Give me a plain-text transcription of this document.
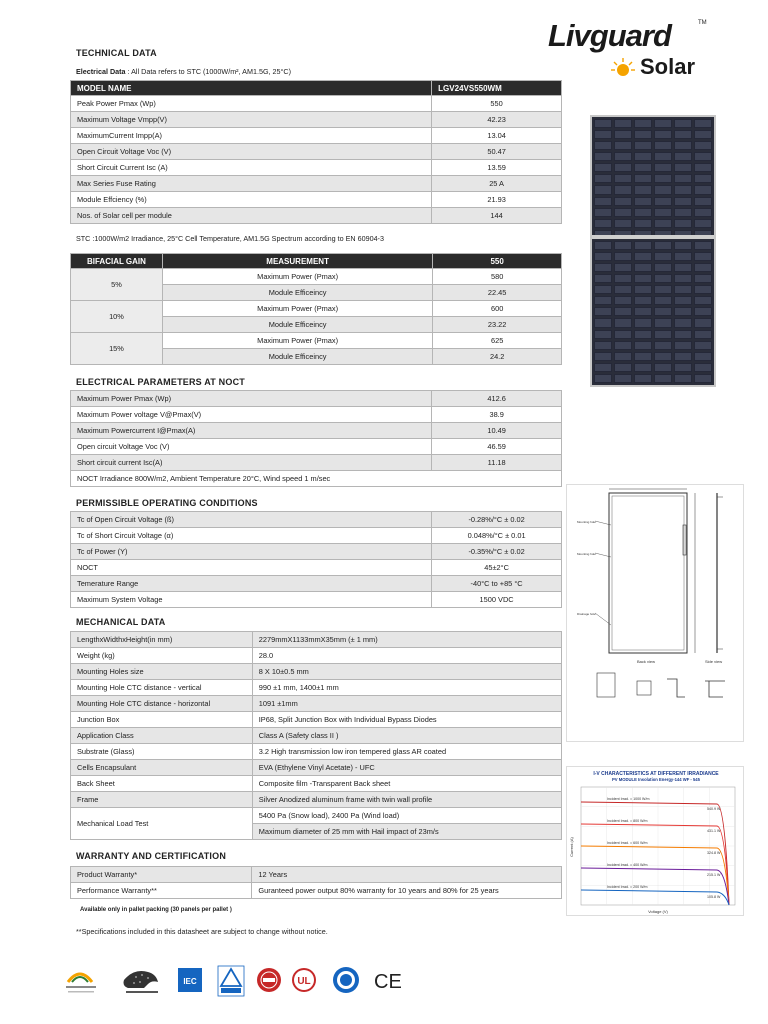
TECHNICAL DATA
Electrical Data : All Data refers to STC (1000W/m², AM1.5G, 25°C)
Livguard	TM
Solar
MODEL NAME	LGV24VS550WM
Peak Power Pmax (Wp)	550
Maximum Voltage Vmpp(V)	42.23
MaximumCurrent Impp(A)	13.04
Open Circuit Voltage Voc (V)	50.47
Short Circuit Current Isc (A)	13.59
Max Series Fuse Rating	25 A
Module Effciency (%)	21.93
Nos. of Solar cell per module	144
STC :1000W/m2 Irradiance, 25°C Cell Temperature, AM1.5G Spectrum according to EN 60904-3
BIFACIAL GAIN	MEASUREMENT	550
5%	Maximum Power (Pmax)	580
	Module Efficeincy	22.45
10%	Maximum Power (Pmax)	600
	Module Efficeincy	23.22
15%	Maximum Power (Pmax)	625
	Module Efficeincy	24.2
ELECTRICAL PARAMETERS AT NOCT
Maximum Power Pmax (Wp)	412.6
Maximum Power voltage V@Pmax(V)	38.9
Maximum Powercurrent I@Pmax(A)	10.49
Open circuit Voltage Voc (V)	46.59
Short circuit current Isc(A)	11.18
NOCT Irradiance 800W/m2, Ambient Temperature 20°C, Wind speed 1 m/sec	
PERMISSIBLE OPERATING CONDITIONS
Tc of Open Circuit Voltage (ß)	-0.28%/°C ± 0.02
Tc of Short Circuit Voltage (α)	0.048%/°C ± 0.01
Tc of Power (Y)	-0.35%/°C ± 0.02
NOCT	45±2°C
Temerature Range	-40°C to +85 °C
Maximum System Voltage	1500 VDC
MECHANICAL DATA
LengthxWidthxHeight(in mm)	2279mmX1133mmX35mm (± 1 mm)
Weight (kg)	28.0
Mounting Holes size	8 X 10±0.5 mm
Mounting Hole CTC distance - vertical	990 ±1 mm, 1400±1 mm
Mounting Hole CTC distance - horizontal	1091 ±1mm
Junction Box	IP68, Split Junction Box with Individual Bypass Diodes
Application Class	Class A (Safety class II )
Substrate (Glass)	3.2 High transmission low iron tempered glass AR coated
Cells Encapsulant	EVA (Ethylene Vinyl Acetate) - UFC
Back Sheet	Composite film -Transparent Back sheet
Frame	Silver Anodized aluminum frame with twin wall profile
Mechanical Load Test	5400 Pa (Snow load), 2400 Pa (Wind load)
	Maximum diameter of 25 mm with Hail impact of 23m/s
WARRANTY AND CERTIFICATION
Product Warranty*	12 Years
Performance Warranty**	Guranteed power output 80% warranty for 10 years and 80% for 25 years
Available only in pallet packing (30 panels per pallet )
**Specifications included in this datasheet are subject to change without notice.
Mounting hole
Mounting hole
Drainage hole
Back view	Side view
I-V CHARACTERISTICS AT DIFFERENT IRRADIANCE
PV MODULE Insolation Energy-144 WF - 545
Incident Irrad. = 1000 W/m
540.9 W
Incident Irrad. = 800 W/m
431.1 W
Incident Irrad. = 600 W/m
324.8 W
Incident Irrad. = 400 W/m
215.1 W
Incident Irrad. = 200 W/m
105.8 W
Current (A)
Voltage (V)
IEC	UL	CE
